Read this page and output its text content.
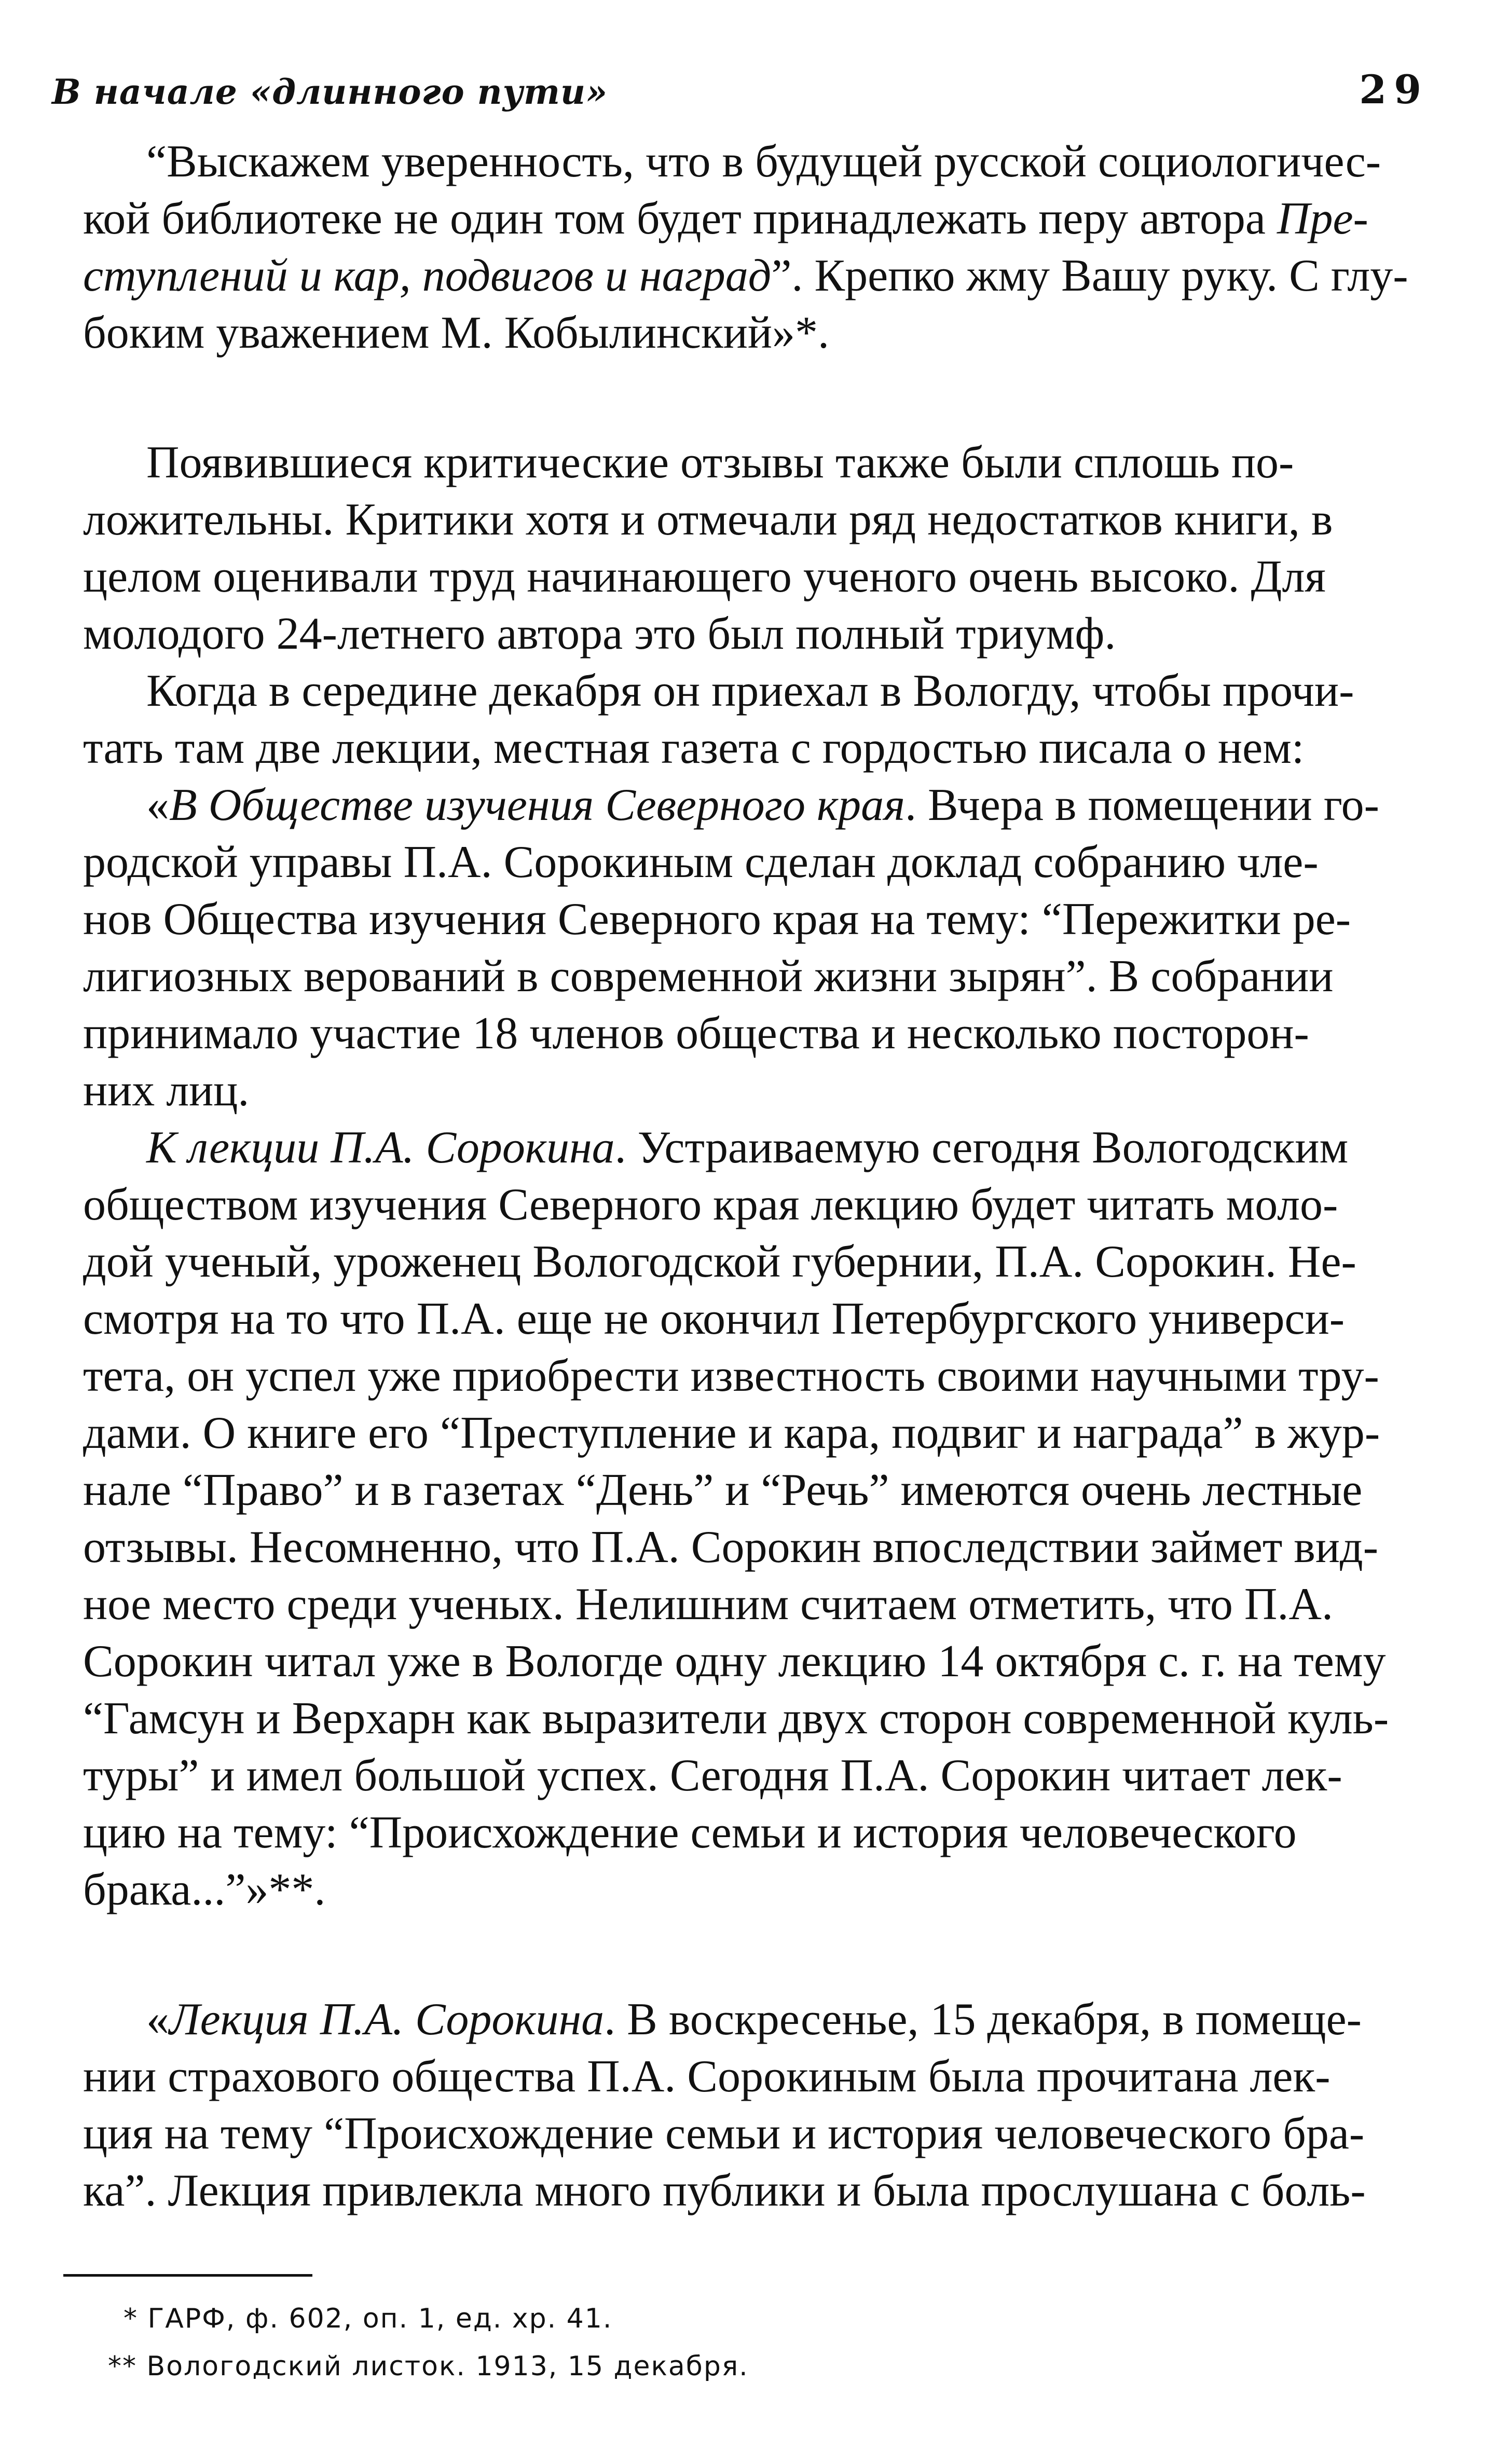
В начале «длинного пути»	29
“Выскажем уверенность, что в будущей русской социологичес-
кой библиотеке не один том будет принадлежать перу автора Пре-
ступлений и кар, подвигов и наград”. Крепко жму Вашу руку. С глу-
боким уважением М. Кобылинский»*.
Появившиеся критические отзывы также были сплошь по-
ложительны. Критики хотя и отмечали ряд недостатков книги, в
целом оценивали труд начинающего ученого очень высоко. Для
молодого 24-летнего автора это был полный триумф.
Когда в середине декабря он приехал в Вологду, чтобы прочи-
тать там две лекции, местная газета с гордостью писала о нем:
«В Обществе изучения Северного края. Вчера в помещении го-
родской управы П.А. Сорокиным сделан доклад собранию чле-
нов Общества изучения Северного края на тему: “Пережитки ре-
лигиозных верований в современной жизни зырян”. В собрании
принимало участие 18 членов общества и несколько посторон-
них лиц.
К лекции П.А. Сорокина. Устраиваемую сегодня Вологодским
обществом изучения Северного края лекцию будет читать моло-
дой ученый, уроженец Вологодской губернии, П.А. Сорокин. Не-
смотря на то что П.А. еще не окончил Петербургского универси-
тета, он успел уже приобрести известность своими научными тру-
дами. О книге его “Преступление и кара, подвиг и награда” в жур-
нале “Право” и в газетах “День” и “Речь” имеются очень лестные
отзывы. Несомненно, что П.А. Сорокин впоследствии займет вид-
ное место среди ученых. Нелишним считаем отметить, что П.А.
Сорокин читал уже в Вологде одну лекцию 14 октября с. г. на тему
“Гамсун и Верхарн как выразители двух сторон современной куль-
туры” и имел большой успех. Сегодня П.А. Сорокин читает лек-
цию на тему: “Происхождение семьи и история человеческого
брака...”»**.
«Лекция П.А. Сорокина. В воскресенье, 15 декабря, в помеще-
нии страхового общества П.А. Сорокиным была прочитана лек-
ция на тему “Происхождение семьи и история человеческого бра-
ка”. Лекция привлекла много публики и была прослушана с боль-
* ГАРФ, ф. 602, оп. 1, ед. хр. 41.
** Вологодский листок. 1913, 15 декабря.
